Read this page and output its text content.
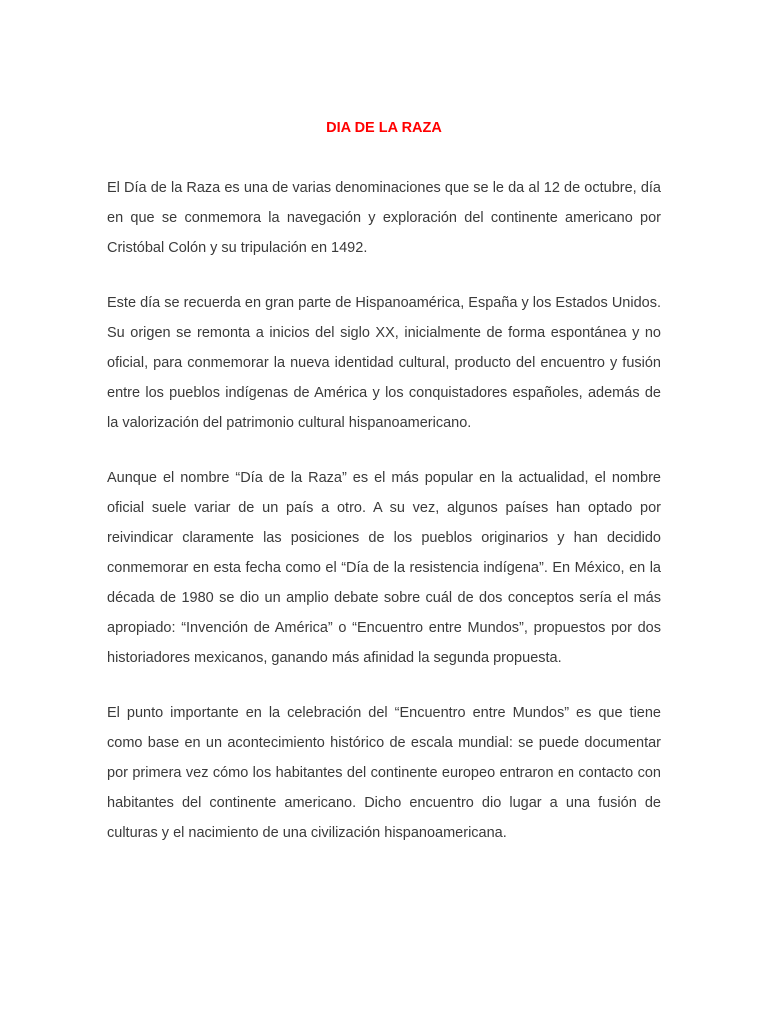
DIA DE LA RAZA

El Día de la Raza es una de varias denominaciones que se le da al 12 de octubre, día en que se conmemora la navegación y exploración del continente americano por Cristóbal Colón y su tripulación en 1492.

Este día se recuerda en gran parte de Hispanoamérica, España y los Estados Unidos. Su origen se remonta a inicios del siglo XX, inicialmente de forma espontánea y no oficial, para conmemorar la nueva identidad cultural, producto del encuentro y fusión entre los pueblos indígenas de América y los conquistadores españoles, además de la valorización del patrimonio cultural hispanoamericano.

Aunque el nombre “Día de la Raza” es el más popular en la actualidad, el nombre oficial suele variar de un país a otro. A su vez, algunos países han optado por reivindicar claramente las posiciones de los pueblos originarios y han decidido conmemorar en esta fecha como el “Día de la resistencia indígena”. En México, en la década de 1980 se dio un amplio debate sobre cuál de dos conceptos sería el más apropiado: “Invención de América” o “Encuentro entre Mundos”, propuestos por dos historiadores mexicanos, ganando más afinidad la segunda propuesta.

El punto importante en la celebración del “Encuentro entre Mundos” es que tiene como base en un acontecimiento histórico de escala mundial: se puede documentar por primera vez cómo los habitantes del continente europeo entraron en contacto con habitantes del continente americano. Dicho encuentro dio lugar a una fusión de culturas y el nacimiento de una civilización hispanoamericana.
